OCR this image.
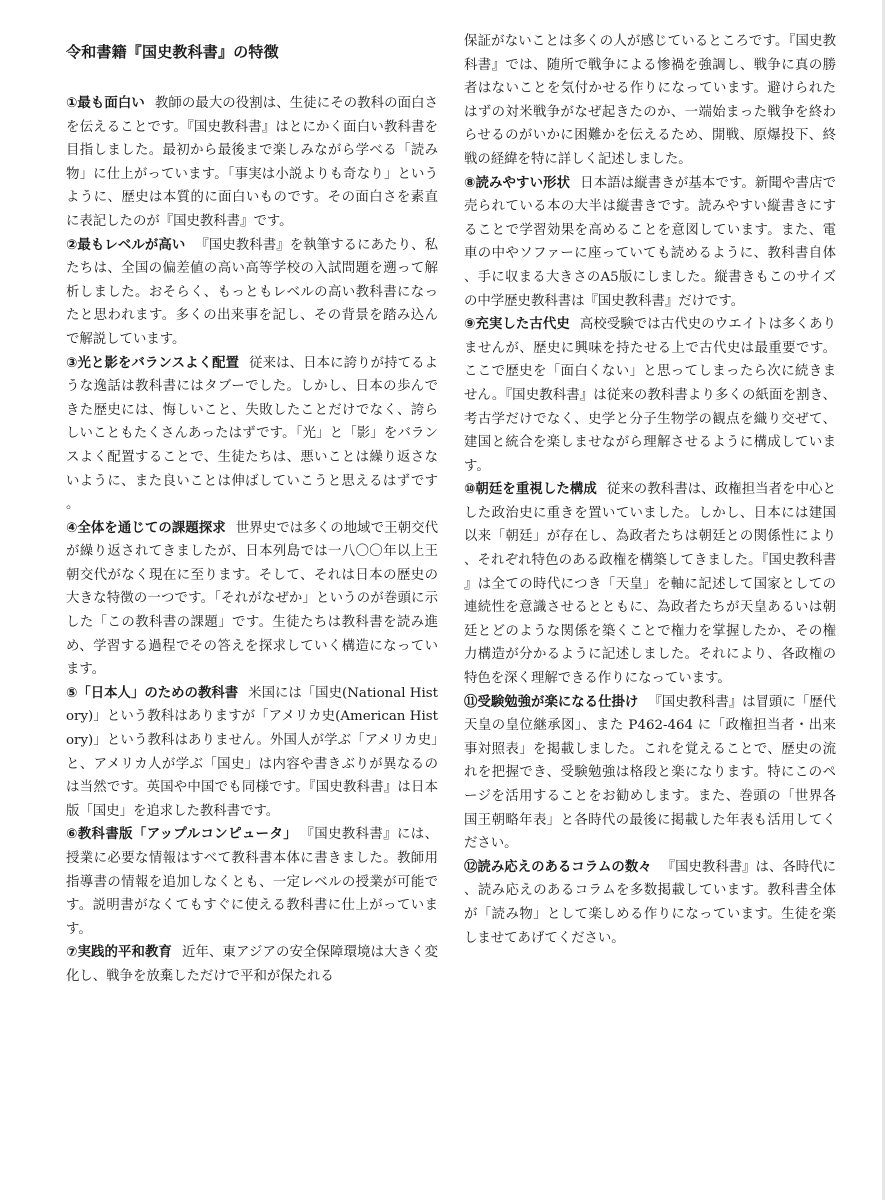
令和書籍『国史教科書』の特徴

①最も面白い 教師の最大の役割は、生徒にその教科の面白さを伝えることです。『国史教科書』はとにかく面白い教科書を目指しました。最初から最後まで楽しみながら学べる「読み物」に仕上がっています。「事実は小説よりも奇なり」というように、歴史は本質的に面白いものです。その面白さを素直に表記したのが『国史教科書』です。

②最もレベルが高い 『国史教科書』を執筆するにあたり、私たちは、全国の偏差値の高い高等学校の入試問題を遡って解析しました。おそらく、もっともレベルの高い教科書になったと思われます。多くの出来事を記し、その背景を踏み込んで解説しています。

③光と影をバランスよく配置 従来は、日本に誇りが持てるような逸話は教科書にはタブーでした。しかし、日本の歩んできた歴史には、悔しいこと、失敗したことだけでなく、誇らしいこともたくさんあったはずです。「光」と「影」をバランスよく配置することで、生徒たちは、悪いことは繰り返さないように、また良いことは伸ばしていこうと思えるはずです。

④全体を通じての課題探求 世界史では多くの地域で王朝交代が繰り返されてきましたが、日本列島では一八〇〇年以上王朝交代がなく現在に至ります。そして、それは日本の歴史の大きな特徴の一つです。「それがなぜか」というのが巻頭に示した「この教科書の課題」です。生徒たちは教科書を読み進め、学習する過程でその答えを探求していく構造になっています。

⑤「日本人」のための教科書 米国には「国史(National History)」という教科はありますが「アメリカ史(American History)」という教科はありません。外国人が学ぶ「アメリカ史」と、アメリカ人が学ぶ「国史」は内容や書きぶりが異なるのは当然です。英国や中国でも同様です。『国史教科書』は日本版「国史」を追求した教科書です。

⑥教科書版「アップルコンピュータ」 『国史教科書』には、授業に必要な情報はすべて教科書本体に書きました。教師用指導書の情報を追加しなくとも、一定レベルの授業が可能です。説明書がなくてもすぐに使える教科書に仕上がっています。

⑦実践的平和教育 近年、東アジアの安全保障環境は大きく変化し、戦争を放棄しただけで平和が保たれる

保証がないことは多くの人が感じているところです。『国史教科書』では、随所で戦争による惨禍を強調し、戦争に真の勝者はないことを気付かせる作りになっています。避けられたはずの対米戦争がなぜ起きたのか、一端始まった戦争を終わらせるのがいかに困難かを伝えるため、開戦、原爆投下、終戦の経緯を特に詳しく記述しました。

⑧読みやすい形状 日本語は縦書きが基本です。新聞や書店で売られている本の大半は縦書きです。読みやすい縦書きにすることで学習効果を高めることを意図しています。また、電車の中やソファーに座っていても読めるように、教科書自体、手に収まる大きさのA5版にしました。縦書きもこのサイズの中学歴史教科書は『国史教科書』だけです。

⑨充実した古代史 高校受験では古代史のウエイトは多くありませんが、歴史に興味を持たせる上で古代史は最重要です。ここで歴史を「面白くない」と思ってしまったら次に続きません。『国史教科書』は従来の教科書より多くの紙面を割き、考古学だけでなく、史学と分子生物学の観点を織り交ぜて、建国と統合を楽しませながら理解させるように構成しています。

⑩朝廷を重視した構成 従来の教科書は、政権担当者を中心とした政治史に重きを置いていました。しかし、日本には建国以来「朝廷」が存在し、為政者たちは朝廷との関係性により、それぞれ特色のある政権を構築してきました。『国史教科書』は全ての時代につき「天皇」を軸に記述して国家としての連続性を意識させるとともに、為政者たちが天皇あるいは朝廷とどのような関係を築くことで権力を掌握したか、その権力構造が分かるように記述しました。それにより、各政権の特色を深く理解できる作りになっています。

⑪受験勉強が楽になる仕掛け 『国史教科書』は冒頭に「歴代天皇の皇位継承図」、また P462-464 に「政権担当者・出来事対照表」を掲載しました。これを覚えることで、歴史の流れを把握でき、受験勉強は格段と楽になります。特にこのページを活用することをお勧めします。また、巻頭の「世界各国王朝略年表」と各時代の最後に掲載した年表も活用してください。

⑫読み応えのあるコラムの数々 『国史教科書』は、各時代に、読み応えのあるコラムを多数掲載しています。教科書全体が「読み物」として楽しめる作りになっています。生徒を楽しませてあげてください。
